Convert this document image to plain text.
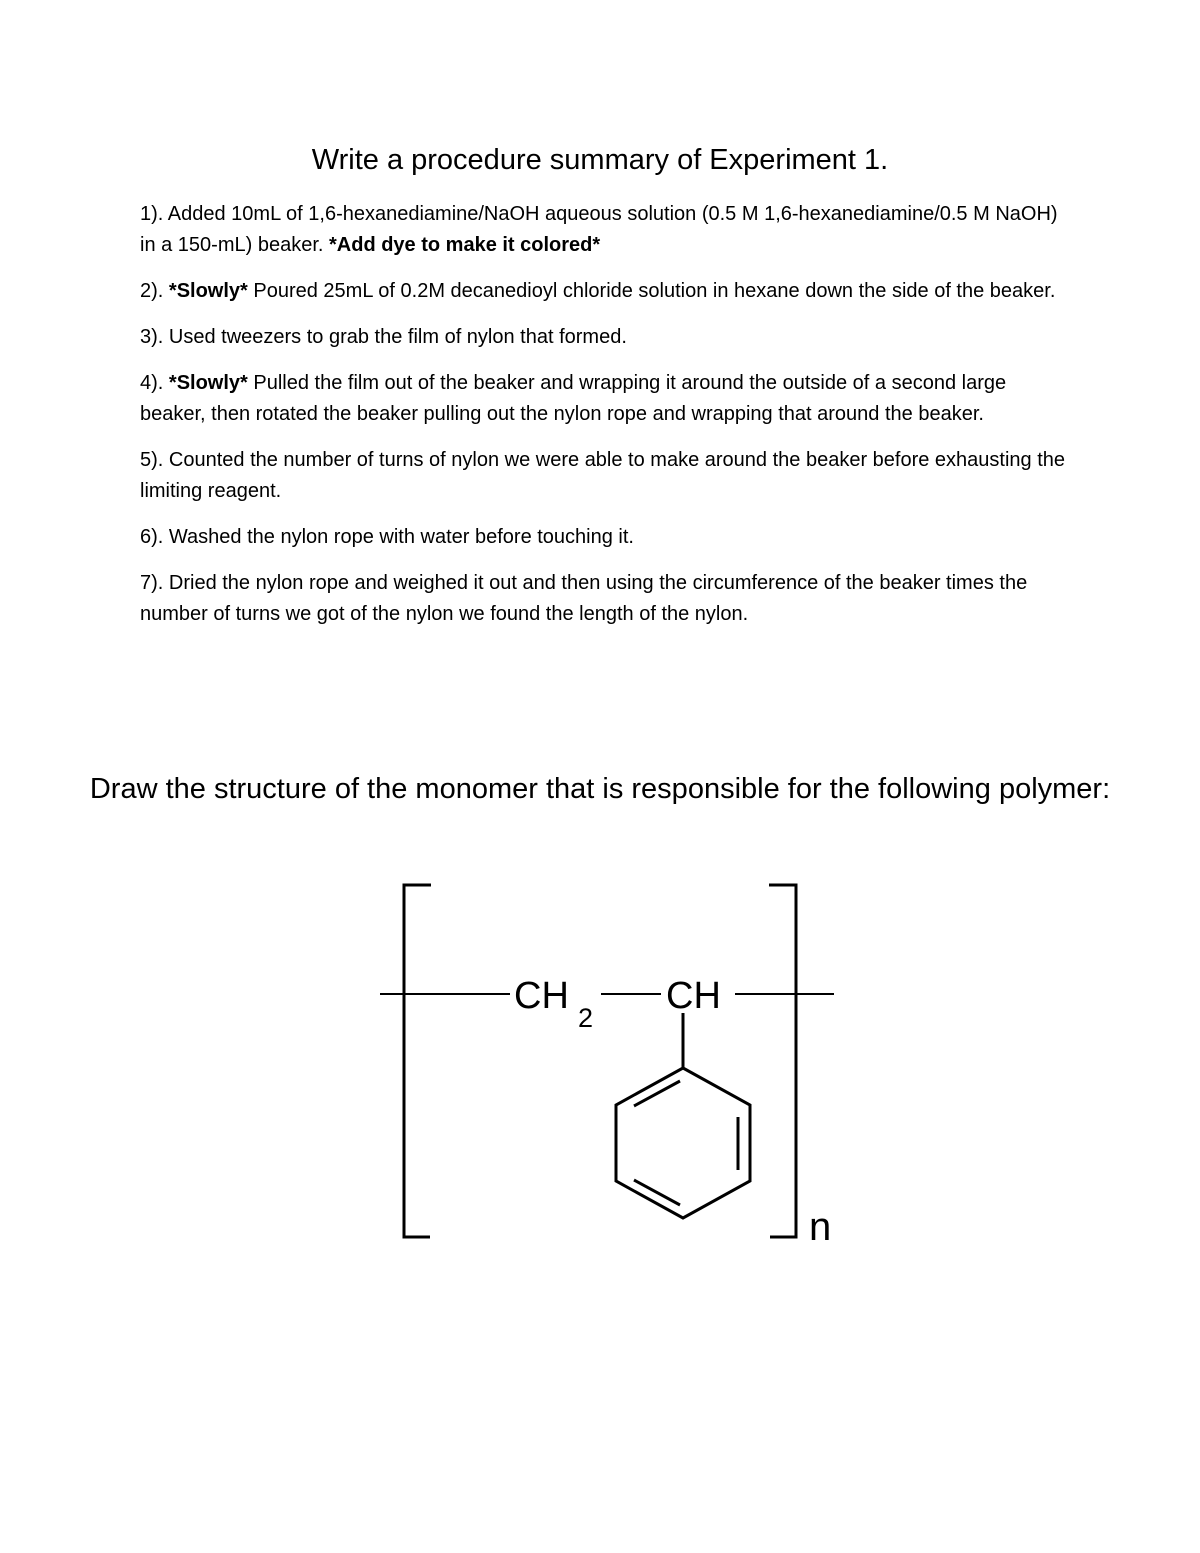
Write a procedure summary of Experiment 1.
1). Added 10mL of 1,6-hexanediamine/NaOH aqueous solution (0.5 M 1,6-hexanediamine/0.5 M NaOH) in a 150-mL) beaker. *Add dye to make it colored*
2). *Slowly* Poured 25mL of 0.2M decanedioyl chloride solution in hexane down the side of the beaker.
3). Used tweezers to grab the film of nylon that formed.
4). *Slowly* Pulled the film out of the beaker and wrapping it around the outside of a second large beaker, then rotated the beaker pulling out the nylon rope and wrapping that around the beaker.
5). Counted the number of turns of nylon we were able to make around the beaker before exhausting the limiting reagent.
6). Washed the nylon rope with water before touching it.
7). Dried the nylon rope and weighed it out and then using the circumference of the beaker times the number of turns we got of the nylon we found the length of the nylon.
Draw the structure of the monomer that is responsible for the following polymer:
CH
2
CH
n
